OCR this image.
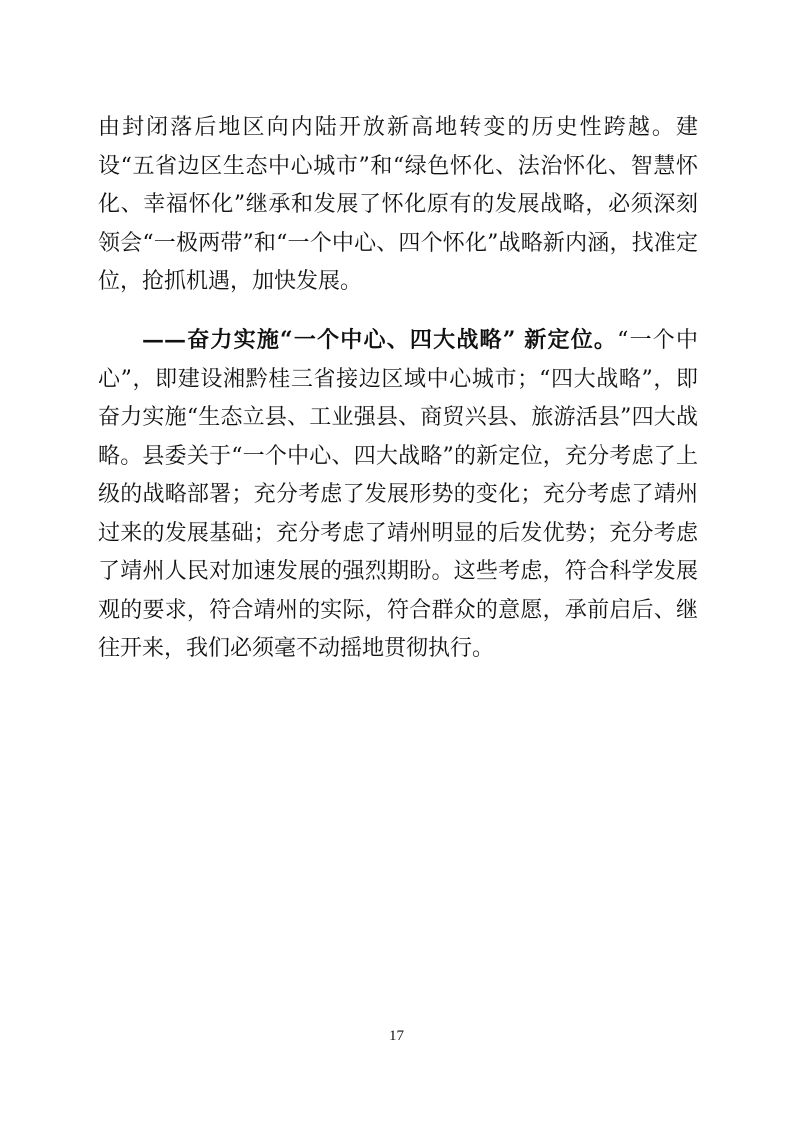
由封闭落后地区向内陆开放新高地转变的历史性跨越。建设“五省边区生态中心城市”和“绿色怀化、法治怀化、智慧怀化、幸福怀化”继承和发展了怀化原有的发展战略，必须深刻领会“一极两带”和“一个中心、四个怀化”战略新内涵，找准定位，抢抓机遇，加快发展。

——奋力实施“一个中心、四大战略” 新定位。“一个中心”，即建设湘黔桂三省接边区域中心城市；“四大战略”，即奋力实施“生态立县、工业强县、商贸兴县、旅游活县”四大战略。县委关于“一个中心、四大战略”的新定位，充分考虑了上级的战略部署；充分考虑了发展形势的变化；充分考虑了靖州过来的发展基础；充分考虑了靖州明显的后发优势；充分考虑了靖州人民对加速发展的强烈期盼。这些考虑，符合科学发展观的要求，符合靖州的实际，符合群众的意愿，承前启后、继往开来，我们必须毫不动摇地贯彻执行。

17
